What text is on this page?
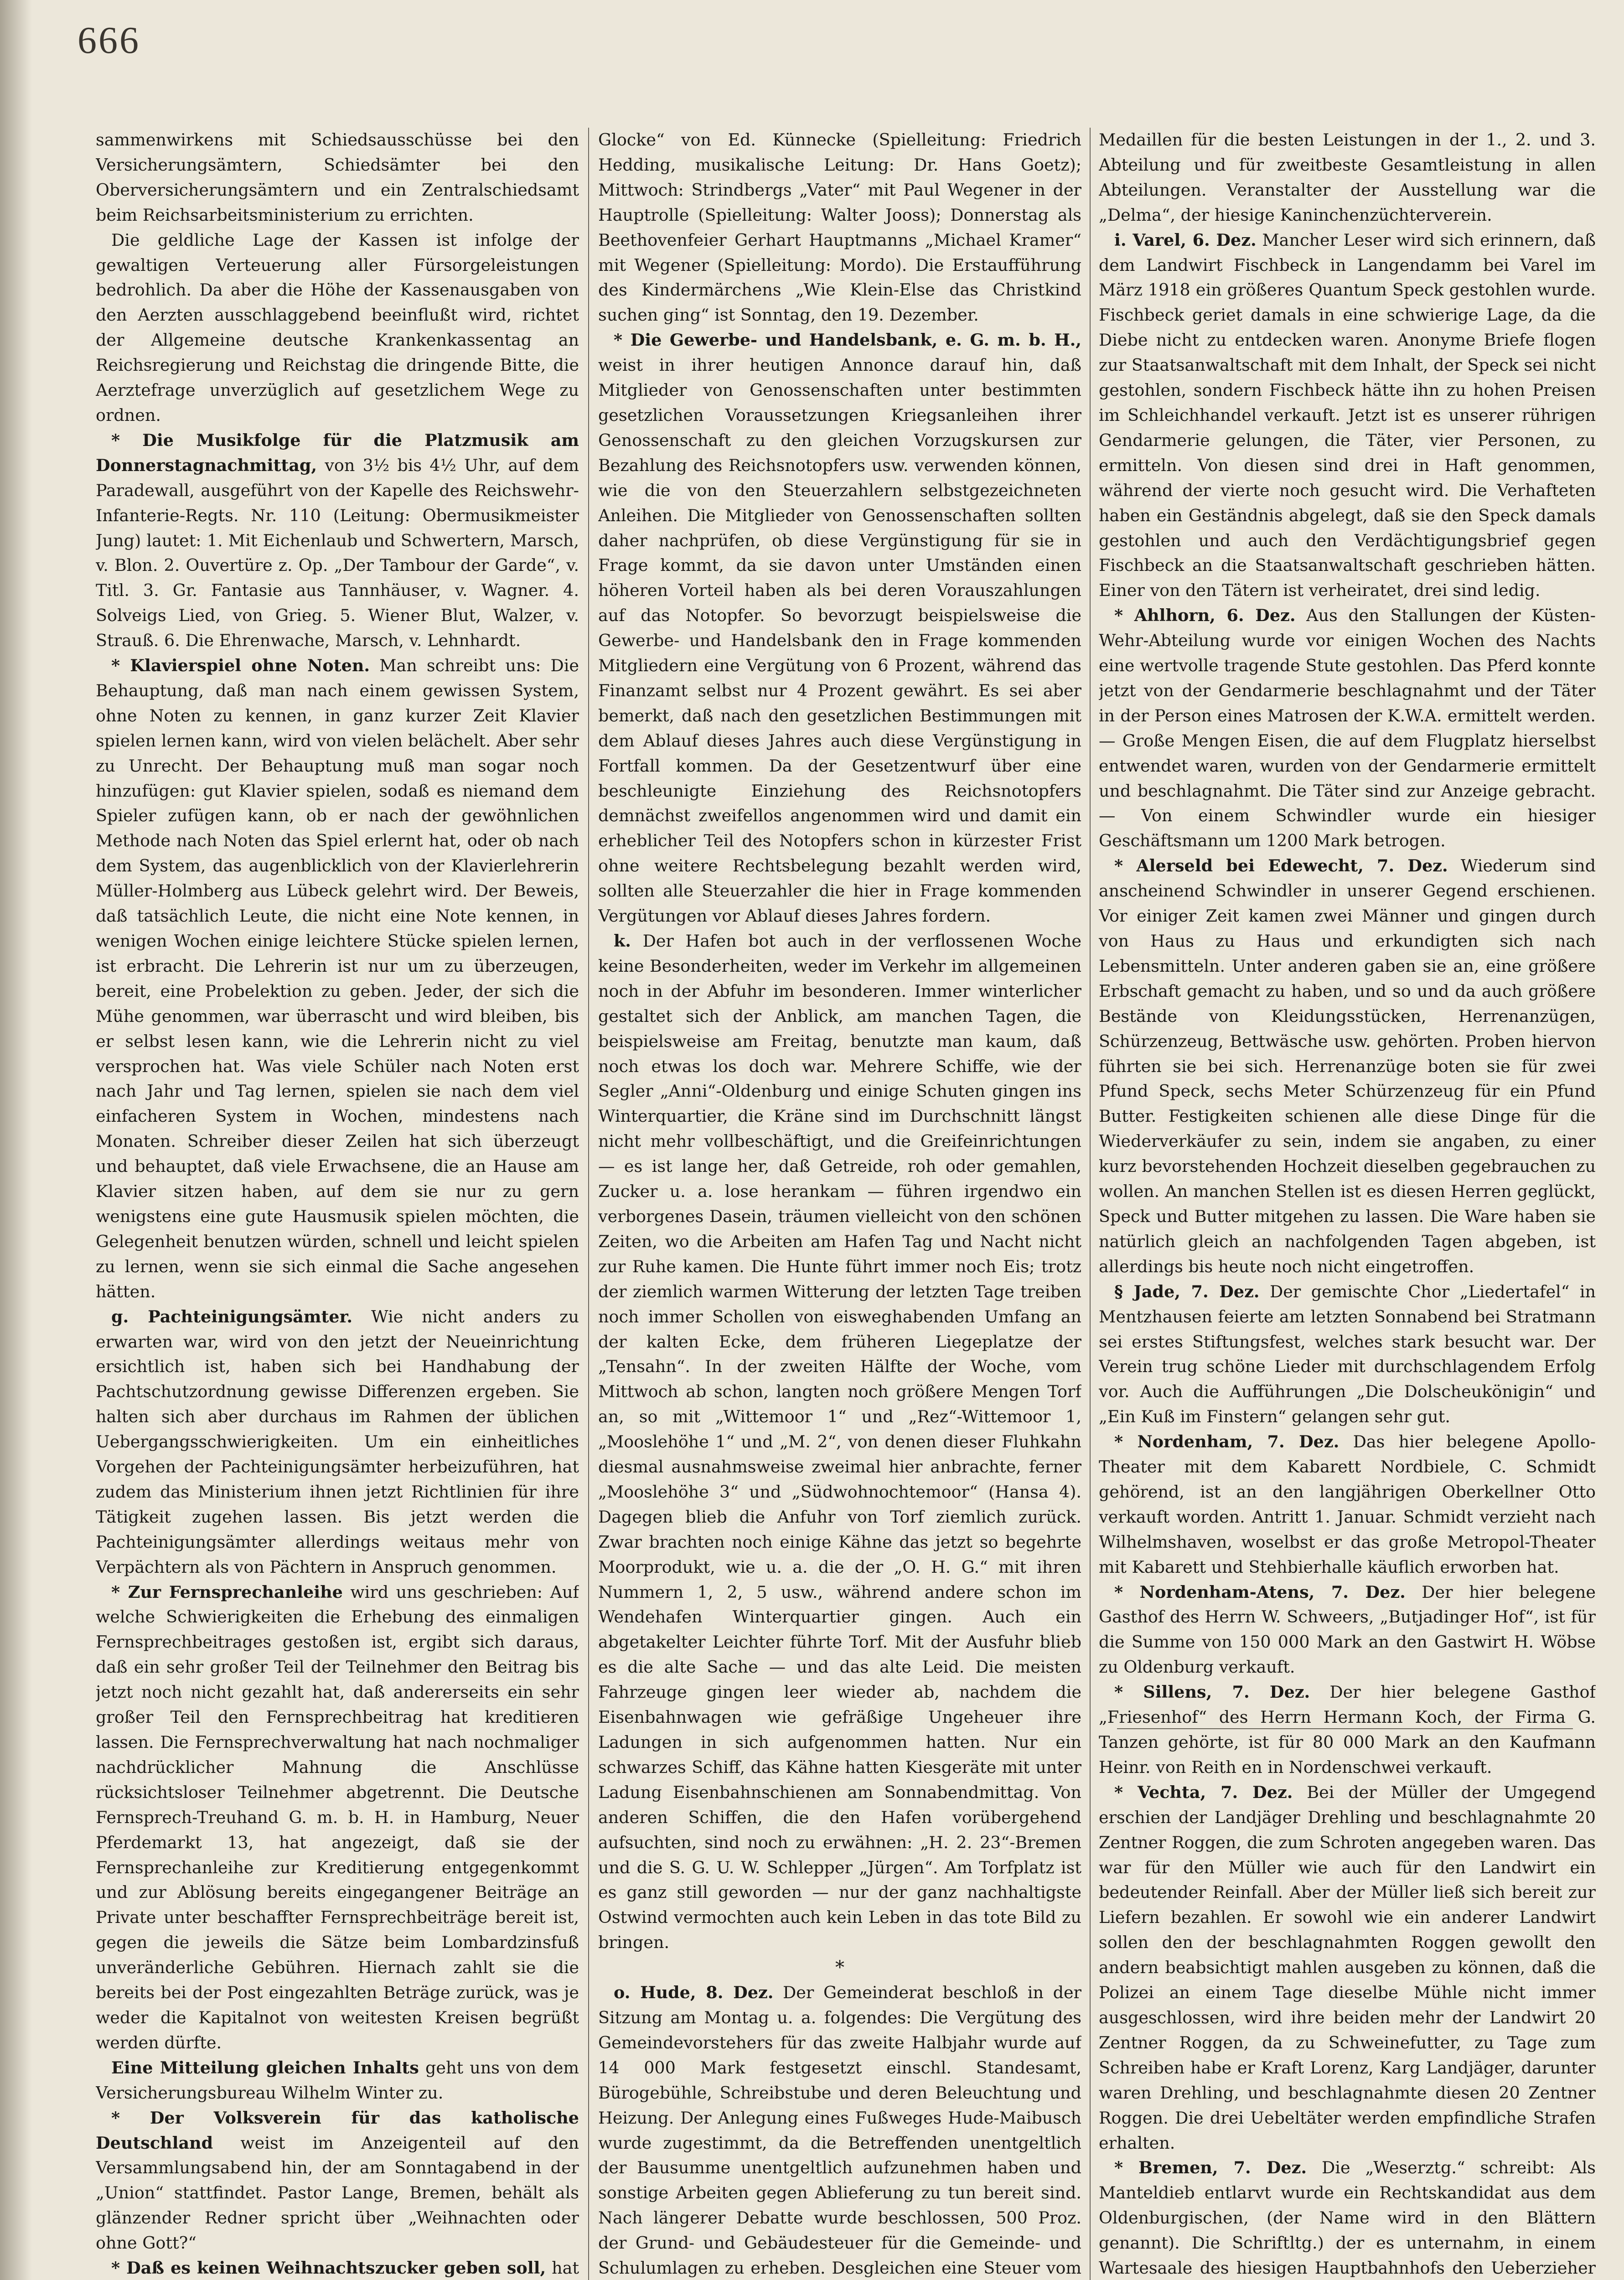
666

sammenwirkens mit Schiedsausschüsse bei den Versicherungsämtern, Schiedsämter bei den Oberversicherungsämtern und ein Zentralschiedsamt beim Reichsarbeitsministerium zu errichten.

Die geldliche Lage der Kassen ist infolge der gewaltigen Verteuerung aller Fürsorgeleistungen bedrohlich. Da aber die Höhe der Kassenausgaben von den Aerzten ausschlaggebend beeinflußt wird, richtet der Allgemeine deutsche Krankenkassentag an Reichsregierung und Reichstag die dringende Bitte, die Aerztefrage unverzüglich auf gesetzlichem Wege zu ordnen.

* Die Musikfolge für die Platzmusik am Donnerstagnachmittag, von 3½ bis 4½ Uhr, auf dem Paradewall, ausgeführt von der Kapelle des Reichswehr-Infanterie-Regts. Nr. 110 (Leitung: Obermusikmeister Jung) lautet: 1. Mit Eichenlaub und Schwertern, Marsch, v. Blon. 2. Ouvertüre z. Op. „Der Tambour der Garde“, v. Titl. 3. Gr. Fantasie aus Tannhäuser, v. Wagner. 4. Solveigs Lied, von Grieg. 5. Wiener Blut, Walzer, v. Strauß. 6. Die Ehrenwache, Marsch, v. Lehnhardt.

* Klavierspiel ohne Noten. Man schreibt uns: Die Behauptung, daß man nach einem gewissen System, ohne Noten zu kennen, in ganz kurzer Zeit Klavier spielen lernen kann, wird von vielen belächelt. Aber sehr zu Unrecht. Der Behauptung muß man sogar noch hinzufügen: gut Klavier spielen, sodaß es niemand dem Spieler zufügen kann, ob er nach der gewöhnlichen Methode nach Noten das Spiel erlernt hat, oder ob nach dem System, das augenblicklich von der Klavierlehrerin Müller-Holmberg aus Lübeck gelehrt wird. Der Beweis, daß tatsächlich Leute, die nicht eine Note kennen, in wenigen Wochen einige leichtere Stücke spielen lernen, ist erbracht. Die Lehrerin ist nur um zu überzeugen, bereit, eine Probelektion zu geben. Jeder, der sich die Mühe genommen, war überrascht und wird bleiben, bis er selbst lesen kann, wie die Lehrerin nicht zu viel versprochen hat. Was viele Schüler nach Noten erst nach Jahr und Tag lernen, spielen sie nach dem viel einfacheren System in Wochen, mindestens nach Monaten. Schreiber dieser Zeilen hat sich überzeugt und behauptet, daß viele Erwachsene, die an Hause am Klavier sitzen haben, auf dem sie nur zu gern wenigstens eine gute Hausmusik spielen möchten, die Gelegenheit benutzen würden, schnell und leicht spielen zu lernen, wenn sie sich einmal die Sache angesehen hätten.

g. Pachteinigungsämter. Wie nicht anders zu erwarten war, wird von den jetzt der Neueinrichtung ersichtlich ist, haben sich bei Handhabung der Pachtschutzordnung gewisse Differenzen ergeben. Sie halten sich aber durchaus im Rahmen der üblichen Uebergangsschwierigkeiten. Um ein einheitliches Vorgehen der Pachteinigungsämter herbeizuführen, hat zudem das Ministerium ihnen jetzt Richtlinien für ihre Tätigkeit zugehen lassen. Bis jetzt werden die Pachteinigungsämter allerdings weitaus mehr von Verpächtern als von Pächtern in Anspruch genommen.

* Zur Fernsprechanleihe wird uns geschrieben: Auf welche Schwierigkeiten die Erhebung des einmaligen Fernsprechbeitrages gestoßen ist, ergibt sich daraus, daß ein sehr großer Teil der Teilnehmer den Beitrag bis jetzt noch nicht gezahlt hat, daß andererseits ein sehr großer Teil den Fernsprechbeitrag hat kreditieren lassen. Die Fernsprechverwaltung hat nach nochmaliger nachdrücklicher Mahnung die Anschlüsse rücksichtsloser Teilnehmer abgetrennt. Die Deutsche Fernsprech-Treuhand G. m. b. H. in Hamburg, Neuer Pferdemarkt 13, hat angezeigt, daß sie der Fernsprechanleihe zur Kreditierung entgegenkommt und zur Ablösung bereits eingegangener Beiträge an Private unter beschaffter Fernsprechbeiträge bereit ist, gegen die jeweils die Sätze beim Lombardzinsfuß unveränderliche Gebühren. Hiernach zahlt sie die bereits bei der Post eingezahlten Beträge zurück, was je weder die Kapitalnot von weitesten Kreisen begrüßt werden dürfte.

Eine Mitteilung gleichen Inhalts geht uns von dem Versicherungsbureau Wilhelm Winter zu.

* Der Volksverein für das katholische Deutschland weist im Anzeigenteil auf den Versammlungsabend hin, der am Sonntagabend in der „Union“ stattfindet. Pastor Lange, Bremen, behält als glänzender Redner spricht über „Weihnachten oder ohne Gott?“

* Daß es keinen Weihnachtszucker geben soll, hat

Glocke“ von Ed. Künnecke (Spielleitung: Friedrich Hedding, musikalische Leitung: Dr. Hans Goetz); Mittwoch: Strindbergs „Vater“ mit Paul Wegener in der Hauptrolle (Spielleitung: Walter Jooss); Donnerstag als Beethovenfeier Gerhart Hauptmanns „Michael Kramer“ mit Wegener (Spielleitung: Mordo). Die Erstaufführung des Kindermärchens „Wie Klein-Else das Christkind suchen ging“ ist Sonntag, den 19. Dezember.

* Die Gewerbe- und Handelsbank, e. G. m. b. H., weist in ihrer heutigen Annonce darauf hin, daß Mitglieder von Genossenschaften unter bestimmten gesetzlichen Voraussetzungen Kriegsanleihen ihrer Genossenschaft zu den gleichen Vorzugskursen zur Bezahlung des Reichsnotopfers usw. verwenden können, wie die von den Steuerzahlern selbstgezeichneten Anleihen. Die Mitglieder von Genossenschaften sollten daher nachprüfen, ob diese Vergünstigung für sie in Frage kommt, da sie davon unter Umständen einen höheren Vorteil haben als bei deren Vorauszahlungen auf das Notopfer. So bevorzugt beispielsweise die Gewerbe- und Handelsbank den in Frage kommenden Mitgliedern eine Vergütung von 6 Prozent, während das Finanzamt selbst nur 4 Prozent gewährt. Es sei aber bemerkt, daß nach den gesetzlichen Bestimmungen mit dem Ablauf dieses Jahres auch diese Vergünstigung in Fortfall kommen. Da der Gesetzentwurf über eine beschleunigte Einziehung des Reichsnotopfers demnächst zweifellos angenommen wird und damit ein erheblicher Teil des Notopfers schon in kürzester Frist ohne weitere Rechtsbelegung bezahlt werden wird, sollten alle Steuerzahler die hier in Frage kommenden Vergütungen vor Ablauf dieses Jahres fordern.

k. Der Hafen bot auch in der verflossenen Woche keine Besonderheiten, weder im Verkehr im allgemeinen noch in der Abfuhr im besonderen. Immer winterlicher gestaltet sich der Anblick, am manchen Tagen, die beispielsweise am Freitag, benutzte man kaum, daß noch etwas los doch war. Mehrere Schiffe, wie der Segler „Anni“-Oldenburg und einige Schuten gingen ins Winterquartier, die Kräne sind im Durchschnitt längst nicht mehr vollbeschäftigt, und die Greifeinrichtungen — es ist lange her, daß Getreide, roh oder gemahlen, Zucker u. a. lose herankam — führen irgendwo ein verborgenes Dasein, träumen vielleicht von den schönen Zeiten, wo die Arbeiten am Hafen Tag und Nacht nicht zur Ruhe kamen. Die Hunte führt immer noch Eis; trotz der ziemlich warmen Witterung der letzten Tage treiben noch immer Schollen von eisweghabenden Umfang an der kalten Ecke, dem früheren Liegeplatze der „Tensahn“. In der zweiten Hälfte der Woche, vom Mittwoch ab schon, langten noch größere Mengen Torf an, so mit „Wittemoor 1“ und „Rez“-Wittemoor 1, „Mooslehöhe 1“ und „M. 2“, von denen dieser Fluhkahn diesmal ausnahmsweise zweimal hier anbrachte, ferner „Mooslehöhe 3“ und „Südwohnochtemoor“ (Hansa 4). Dagegen blieb die Anfuhr von Torf ziemlich zurück. Zwar brachten noch einige Kähne das jetzt so begehrte Moorprodukt, wie u. a. die der „O. H. G.“ mit ihren Nummern 1, 2, 5 usw., während andere schon im Wendehafen Winterquartier gingen. Auch ein abgetakelter Leichter führte Torf. Mit der Ausfuhr blieb es die alte Sache — und das alte Leid. Die meisten Fahrzeuge gingen leer wieder ab, nachdem die Eisenbahnwagen wie gefräßige Ungeheuer ihre Ladungen in sich aufgenommen hatten. Nur ein schwarzes Schiff, das Kähne hatten Kiesgeräte mit unter Ladung Eisenbahnschienen am Sonnabendmittag. Von anderen Schiffen, die den Hafen vorübergehend aufsuchten, sind noch zu erwähnen: „H. 2. 23“-Bremen und die S. G. U. W. Schlepper „Jürgen“. Am Torfplatz ist es ganz still geworden — nur der ganz nachhaltigste Ostwind vermochten auch kein Leben in das tote Bild zu bringen.

*

o. Hude, 8. Dez. Der Gemeinderat beschloß in der Sitzung am Montag u. a. folgendes: Die Vergütung des Gemeindevorstehers für das zweite Halbjahr wurde auf 14 000 Mark festgesetzt einschl. Standesamt, Bürogebühle, Schreibstube und deren Beleuchtung und Heizung. Der Anlegung eines Fußweges Hude-Maibusch wurde zugestimmt, da die Betreffenden unentgeltlich der Bausumme unentgeltlich aufzunehmen haben und sonstige Arbeiten gegen Ablieferung zu tun bereit sind. Nach längerer Debatte wurde beschlossen, 500 Proz. der Grund- und Gebäudesteuer für die Gemeinde- und Schulumlagen zu erheben. Desgleichen eine Steuer vom

Medaillen für die besten Leistungen in der 1., 2. und 3. Abteilung und für zweitbeste Gesamtleistung in allen Abteilungen. Veranstalter der Ausstellung war die „Delma“, der hiesige Kaninchenzüchterverein.

i. Varel, 6. Dez. Mancher Leser wird sich erinnern, daß dem Landwirt Fischbeck in Langendamm bei Varel im März 1918 ein größeres Quantum Speck gestohlen wurde. Fischbeck geriet damals in eine schwierige Lage, da die Diebe nicht zu entdecken waren. Anonyme Briefe flogen zur Staatsanwaltschaft mit dem Inhalt, der Speck sei nicht gestohlen, sondern Fischbeck hätte ihn zu hohen Preisen im Schleichhandel verkauft. Jetzt ist es unserer rührigen Gendarmerie gelungen, die Täter, vier Personen, zu ermitteln. Von diesen sind drei in Haft genommen, während der vierte noch gesucht wird. Die Verhafteten haben ein Geständnis abgelegt, daß sie den Speck damals gestohlen und auch den Verdächtigungsbrief gegen Fischbeck an die Staatsanwaltschaft geschrieben hätten. Einer von den Tätern ist verheiratet, drei sind ledig.

* Ahlhorn, 6. Dez. Aus den Stallungen der Küsten-Wehr-Abteilung wurde vor einigen Wochen des Nachts eine wertvolle tragende Stute gestohlen. Das Pferd konnte jetzt von der Gendarmerie beschlagnahmt und der Täter in der Person eines Matrosen der K.W.A. ermittelt werden. — Große Mengen Eisen, die auf dem Flugplatz hierselbst entwendet waren, wurden von der Gendarmerie ermittelt und beschlagnahmt. Die Täter sind zur Anzeige gebracht. — Von einem Schwindler wurde ein hiesiger Geschäftsmann um 1200 Mark betrogen.

* Alerseld bei Edewecht, 7. Dez. Wiederum sind anscheinend Schwindler in unserer Gegend erschienen. Vor einiger Zeit kamen zwei Männer und gingen durch von Haus zu Haus und erkundigten sich nach Lebensmitteln. Unter anderen gaben sie an, eine größere Erbschaft gemacht zu haben, und so und da auch größere Bestände von Kleidungsstücken, Herrenanzügen, Schürzenzeug, Bettwäsche usw. gehörten. Proben hiervon führten sie bei sich. Herrenanzüge boten sie für zwei Pfund Speck, sechs Meter Schürzenzeug für ein Pfund Butter. Festigkeiten schienen alle diese Dinge für die Wiederverkäufer zu sein, indem sie angaben, zu einer kurz bevorstehenden Hochzeit dieselben gegebrauchen zu wollen. An manchen Stellen ist es diesen Herren geglückt, Speck und Butter mitgehen zu lassen. Die Ware haben sie natürlich gleich an nachfolgenden Tagen abgeben, ist allerdings bis heute noch nicht eingetroffen.

§ Jade, 7. Dez. Der gemischte Chor „Liedertafel“ in Mentzhausen feierte am letzten Sonnabend bei Stratmann sei erstes Stiftungsfest, welches stark besucht war. Der Verein trug schöne Lieder mit durchschlagendem Erfolg vor. Auch die Aufführungen „Die Dolscheukönigin“ und „Ein Kuß im Finstern“ gelangen sehr gut.

* Nordenham, 7. Dez. Das hier belegene Apollo-Theater mit dem Kabarett Nordbiele, C. Schmidt gehörend, ist an den langjährigen Oberkellner Otto verkauft worden. Antritt 1. Januar. Schmidt verzieht nach Wilhelmshaven, woselbst er das große Metropol-Theater mit Kabarett und Stehbierhalle käuflich erworben hat.

* Nordenham-Atens, 7. Dez. Der hier belegene Gasthof des Herrn W. Schweers, „Butjadinger Hof“, ist für die Summe von 150 000 Mark an den Gastwirt H. Wöbse zu Oldenburg verkauft.

* Sillens, 7. Dez. Der hier belegene Gasthof „Friesenhof“ des Herrn Hermann Koch, der Firma G. Tanzen gehörte, ist für 80 000 Mark an den Kaufmann Heinr. von Reith en in Nordenschwei verkauft.

* Vechta, 7. Dez. Bei der Müller der Umgegend erschien der Landjäger Drehling und beschlagnahmte 20 Zentner Roggen, die zum Schroten angegeben waren. Das war für den Müller wie auch für den Landwirt ein bedeutender Reinfall. Aber der Müller ließ sich bereit zur Liefern bezahlen. Er sowohl wie ein anderer Landwirt sollen den der beschlagnahmten Roggen gewollt den andern beabsichtigt mahlen ausgeben zu können, daß die Polizei an einem Tage dieselbe Mühle nicht immer ausgeschlossen, wird ihre beiden mehr der Landwirt 20 Zentner Roggen, da zu Schweinefutter, zu Tage zum Schreiben habe er Kraft Lorenz, Karg Landjäger, darunter waren Drehling, und beschlagnahmte diesen 20 Zentner Roggen. Die drei Uebeltäter werden empfindliche Strafen erhalten.

* Bremen, 7. Dez. Die „Weserztg.“ schreibt: Als Manteldieb entlarvt wurde ein Rechtskandidat aus dem Oldenburgischen, (der Name wird in den Blättern genannt). Die Schriftltg.) der es unternahm, in einem Wartesaale des hiesigen Hauptbahnhofs den Ueberzieher
